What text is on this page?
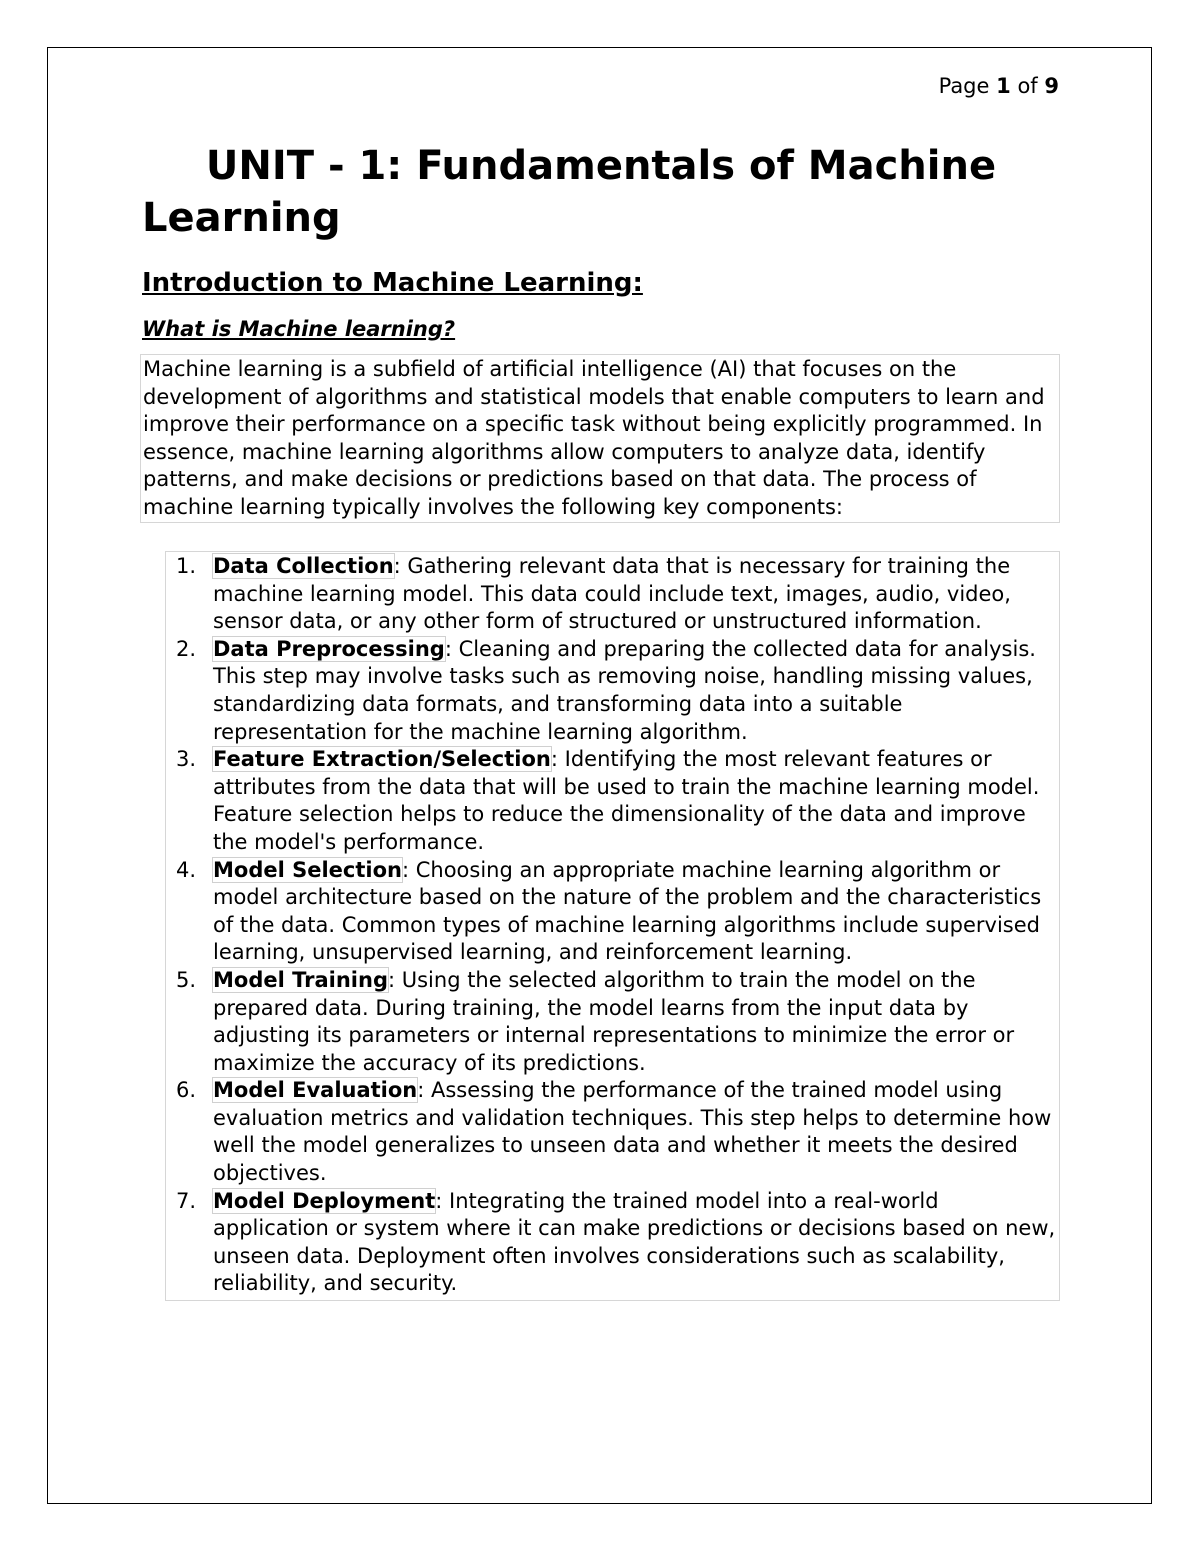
Page 1 of 9
UNIT - 1: Fundamentals of Machine Learning
Introduction to Machine Learning:
What is Machine learning?
Machine learning is a subfield of artificial intelligence (AI) that focuses on the development of algorithms and statistical models that enable computers to learn and improve their performance on a specific task without being explicitly programmed. In essence, machine learning algorithms allow computers to analyze data, identify patterns, and make decisions or predictions based on that data. The process of machine learning typically involves the following key components:
1. Data Collection: Gathering relevant data that is necessary for training the machine learning model. This data could include text, images, audio, video, sensor data, or any other form of structured or unstructured information.
2. Data Preprocessing: Cleaning and preparing the collected data for analysis. This step may involve tasks such as removing noise, handling missing values, standardizing data formats, and transforming data into a suitable representation for the machine learning algorithm.
3. Feature Extraction/Selection: Identifying the most relevant features or attributes from the data that will be used to train the machine learning model. Feature selection helps to reduce the dimensionality of the data and improve the model's performance.
4. Model Selection: Choosing an appropriate machine learning algorithm or model architecture based on the nature of the problem and the characteristics of the data. Common types of machine learning algorithms include supervised learning, unsupervised learning, and reinforcement learning.
5. Model Training: Using the selected algorithm to train the model on the prepared data. During training, the model learns from the input data by adjusting its parameters or internal representations to minimize the error or maximize the accuracy of its predictions.
6. Model Evaluation: Assessing the performance of the trained model using evaluation metrics and validation techniques. This step helps to determine how well the model generalizes to unseen data and whether it meets the desired objectives.
7. Model Deployment: Integrating the trained model into a real-world application or system where it can make predictions or decisions based on new, unseen data. Deployment often involves considerations such as scalability, reliability, and security.
